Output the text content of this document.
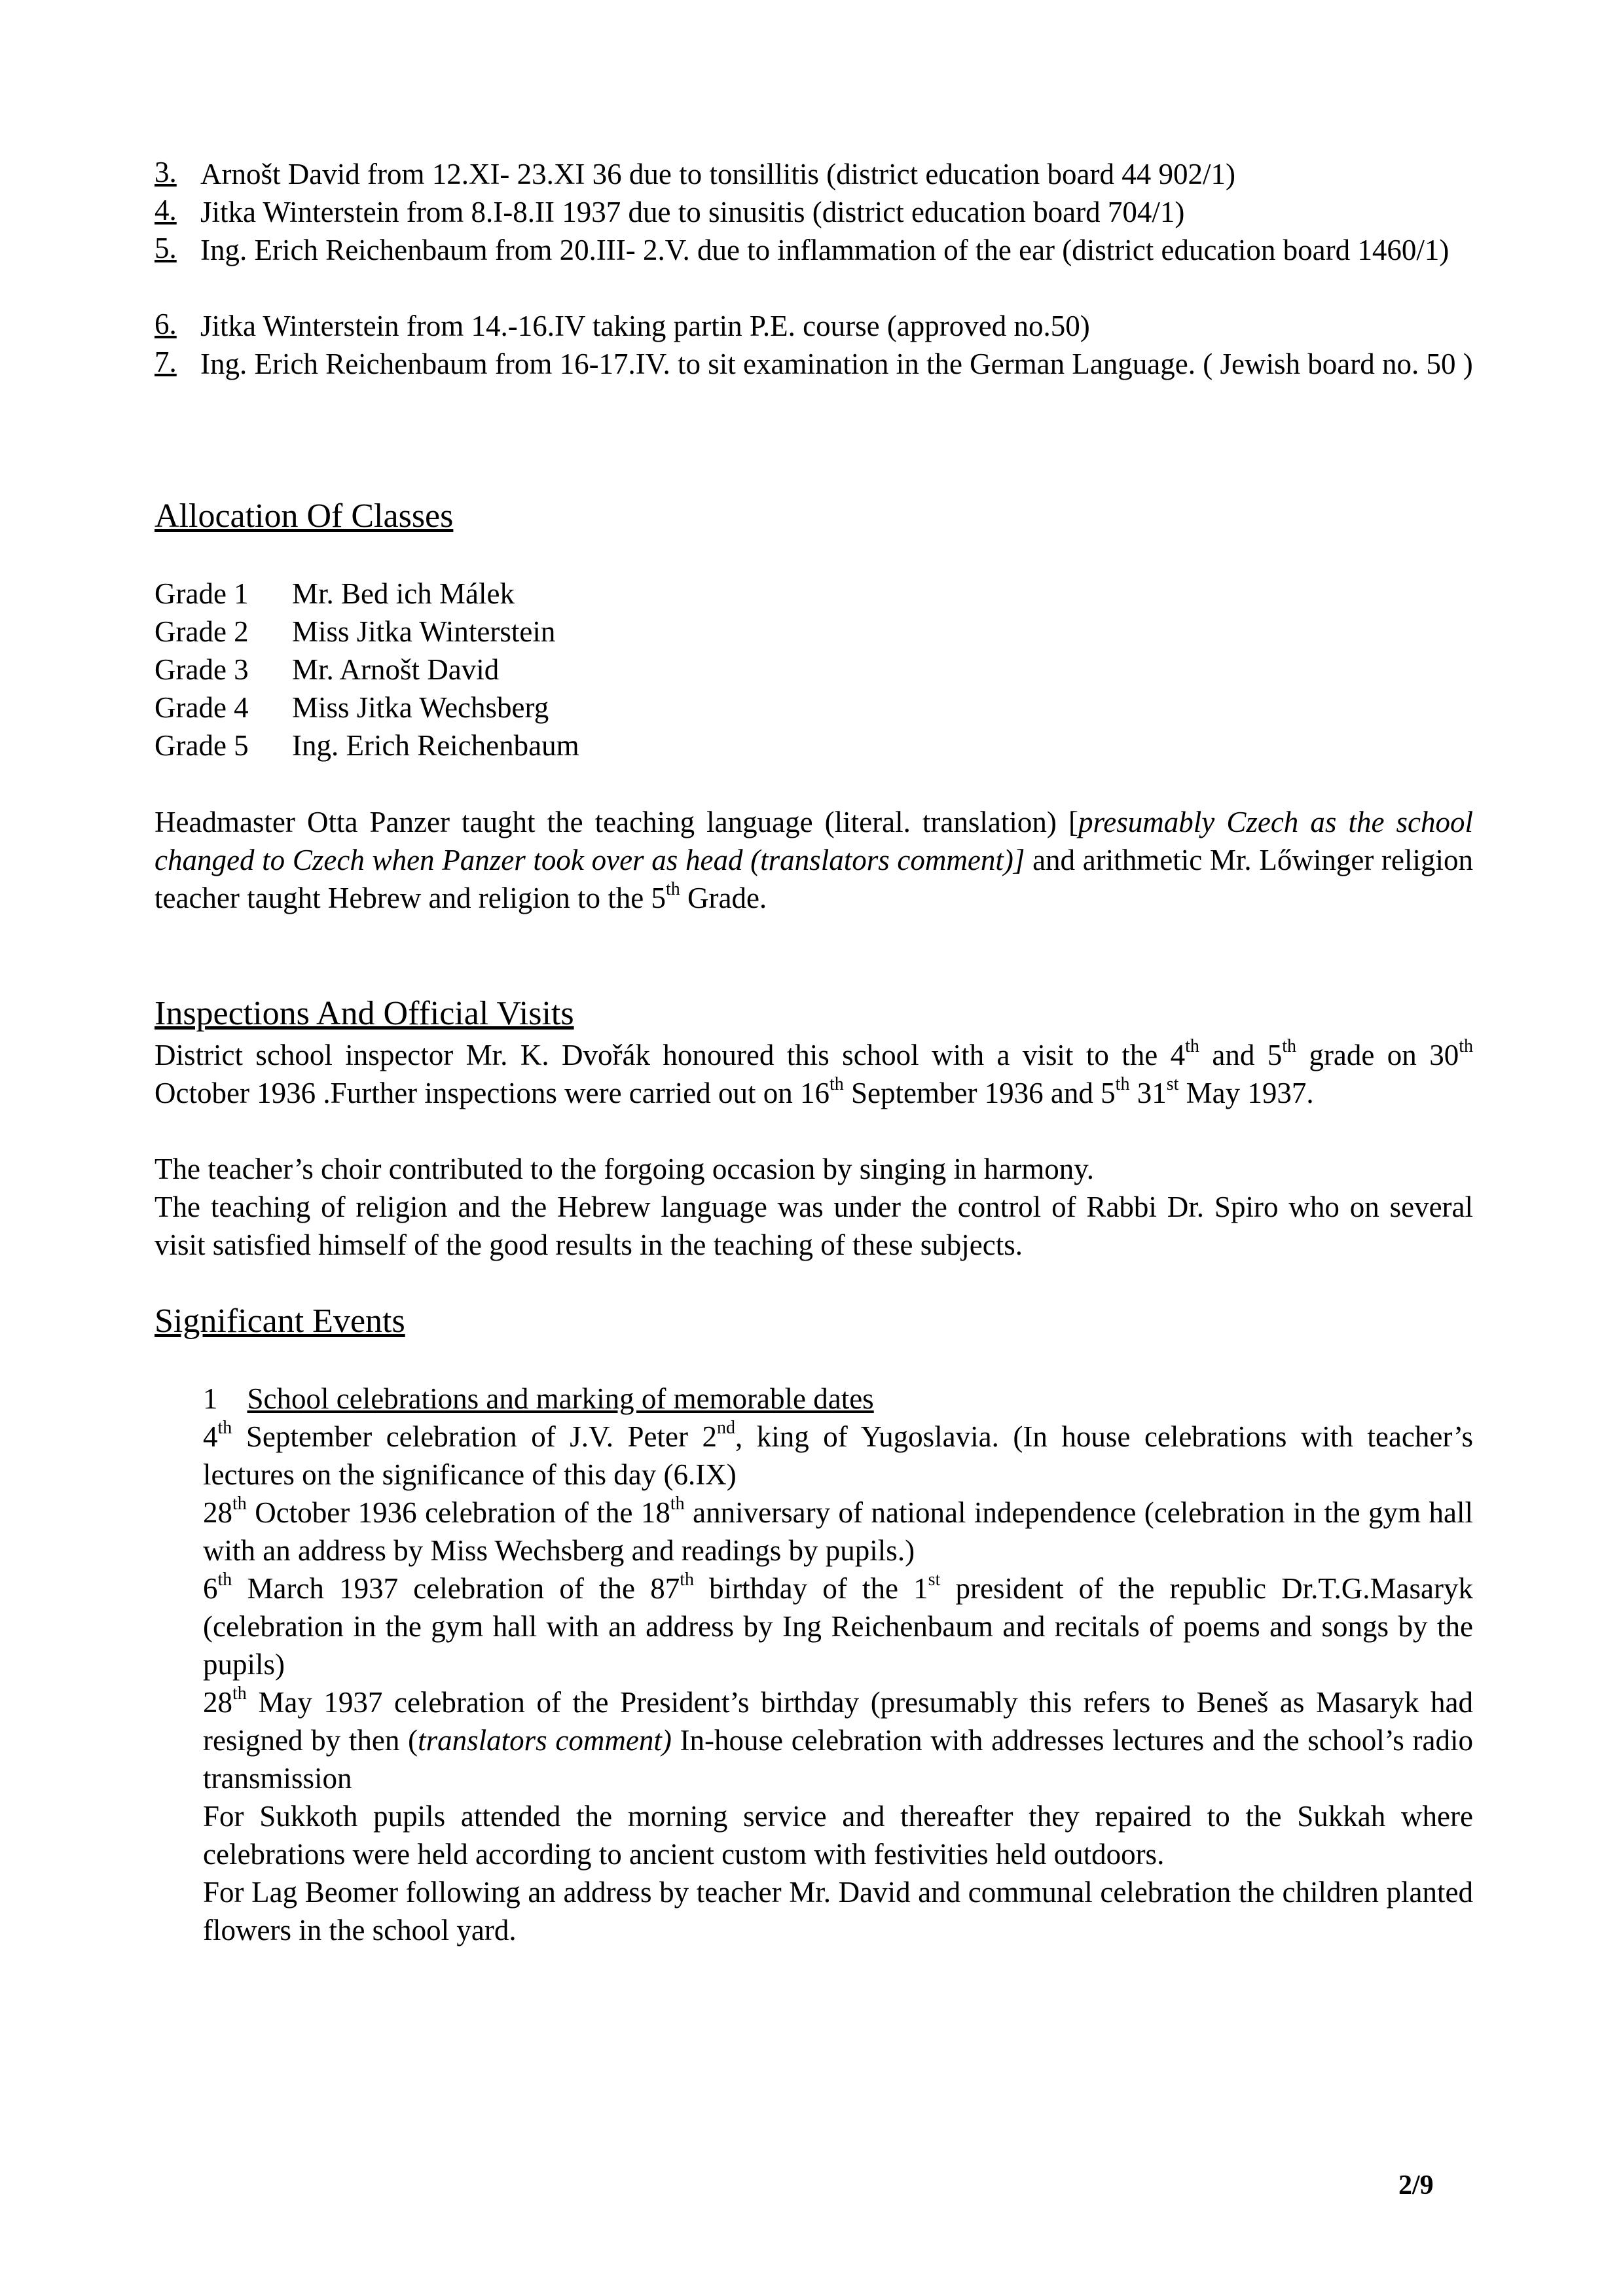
3. Arnošt David from 12.XI- 23.XI 36 due to tonsillitis (district education board 44 902/1)
4. Jitka Winterstein from 8.I-8.II 1937 due to sinusitis (district education board 704/1)
5. Ing. Erich Reichenbaum from 20.III- 2.V. due to inflammation of the ear (district education board 1460/1)
6. Jitka Winterstein from 14.-16.IV taking partin P.E. course (approved no.50)
7. Ing. Erich Reichenbaum from 16-17.IV. to sit examination in the German Language. ( Jewish board no. 50 )
Allocation Of Classes
Grade 1 Mr. Bed ich Málek
Grade 2 Miss Jitka Winterstein
Grade 3 Mr. Arnošt David
Grade 4 Miss Jitka Wechsberg
Grade 5 Ing. Erich Reichenbaum
Headmaster Otta Panzer taught the teaching language (literal. translation) [presumably Czech as the school changed to Czech when Panzer took over as head (translators comment)] and arithmetic Mr. Lőwinger religion teacher taught Hebrew and religion to the 5th Grade.
Inspections And Official Visits
District school inspector Mr. K. Dvořák honoured this school with a visit to the 4th and 5th grade on 30th October 1936 .Further inspections were carried out on 16th September 1936 and 5th 31st May 1937.
The teacher’s choir contributed to the forgoing occasion by singing in harmony.
The teaching of religion and the Hebrew language was under the control of Rabbi Dr. Spiro who on several visit satisfied himself of the good results in the teaching of these subjects.
Significant Events

1 School celebrations and marking of memorable dates

4th September celebration of J.V. Peter 2nd, king of Yugoslavia. (In house celebrations with teacher’s lectures on the significance of this day (6.IX)

28th October 1936 celebration of the 18th anniversary of national independence (celebration in the gym hall with an address by Miss Wechsberg and readings by pupils.)

6th March 1937 celebration of the 87th birthday of the 1st president of the republic Dr.T.G.Masaryk (celebration in the gym hall with an address by Ing Reichenbaum and recitals of poems and songs by the pupils)

28th May 1937 celebration of the President’s birthday (presumably this refers to Beneš as Masaryk had resigned by then (translators comment) In-house celebration with addresses lectures and the school’s radio transmission

For Sukkoth pupils attended the morning service and thereafter they repaired to the Sukkah where celebrations were held according to ancient custom with festivities held outdoors.

For Lag Beomer following an address by teacher Mr. David and communal celebration the children planted flowers in the school yard.

2/9
